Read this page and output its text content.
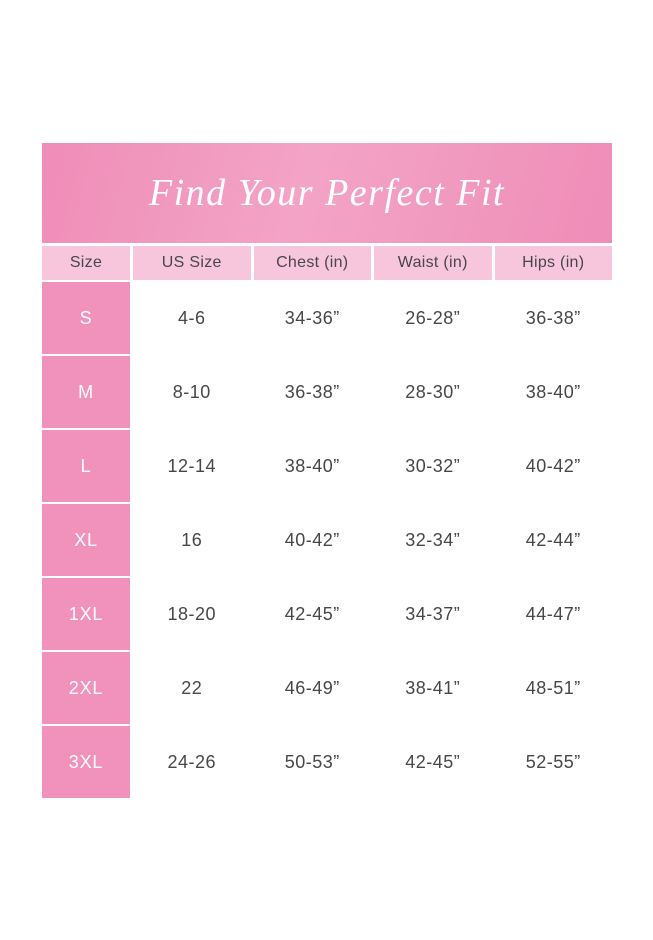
Find Your Perfect Fit
Size	US Size	Chest (in)	Waist (in)	Hips (in)
S	4-6	34-36”	26-28”	36-38”
M	8-10	36-38”	28-30”	38-40”
L	12-14	38-40”	30-32”	40-42”
XL	16	40-42”	32-34”	42-44”
1XL	18-20	42-45”	34-37”	44-47”
2XL	22	46-49”	38-41”	48-51”
3XL	24-26	50-53”	42-45”	52-55”
